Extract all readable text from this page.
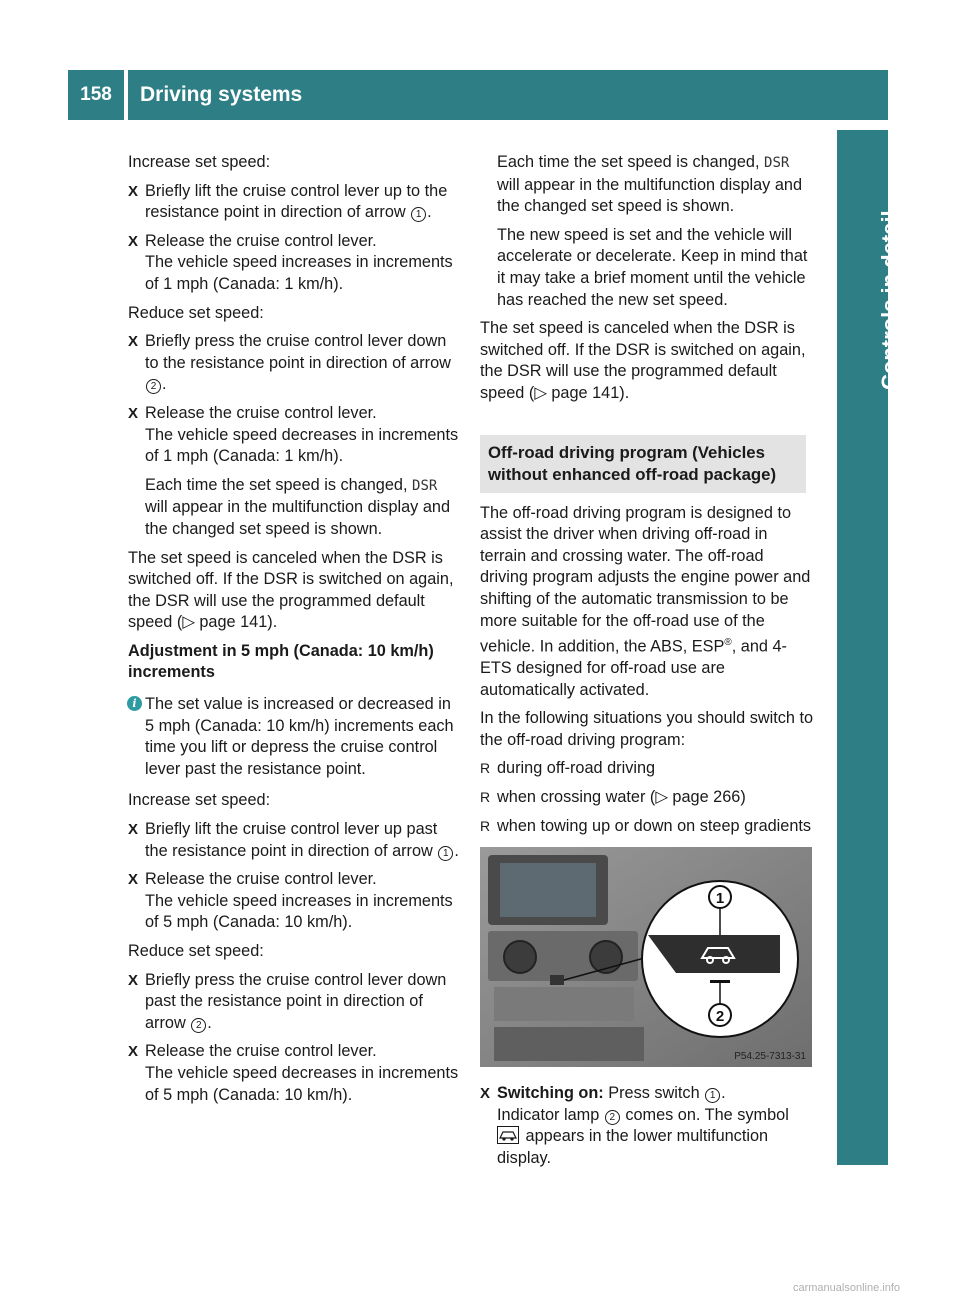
158	Driving systems
Controls in detail

Increase set speed:

X Briefly lift the cruise control lever up to the resistance point in direction of arrow 1 .
X Release the cruise control lever.
The vehicle speed increases in increments of 1 mph (Canada: 1 km/h).

Reduce set speed:

X Briefly press the cruise control lever down to the resistance point in direction of arrow 2 .
X Release the cruise control lever.
The vehicle speed decreases in increments of 1 mph (Canada: 1 km/h).
Each time the set speed is changed, DSR will appear in the multifunction display and the changed set speed is shown.

The set speed is canceled when the DSR is switched off. If the DSR is switched on again, the DSR will use the programmed default speed (▷ page 141).

Adjustment in 5 mph (Canada: 10 km/h) increments

i The set value is increased or decreased in 5 mph (Canada: 10 km/h) increments each time you lift or depress the cruise control lever past the resistance point.

Increase set speed:

X Briefly lift the cruise control lever up past the resistance point in direction of arrow 1 .
X Release the cruise control lever.
The vehicle speed increases in increments of 5 mph (Canada: 10 km/h).

Reduce set speed:

X Briefly press the cruise control lever down past the resistance point in direction of arrow 2 .
X Release the cruise control lever.
The vehicle speed decreases in increments of 5 mph (Canada: 10 km/h).
Each time the set speed is changed, DSR will appear in the multifunction display and the changed set speed is shown.
The new speed is set and the vehicle will accelerate or decelerate. Keep in mind that it may take a brief moment until the vehicle has reached the new set speed.

The set speed is canceled when the DSR is switched off. If the DSR is switched on again, the DSR will use the programmed default speed (▷ page 141).

Off-road driving program (Vehicles without enhanced off-road package)

The off-road driving program is designed to assist the driver when driving off-road in terrain and crossing water. The off-road driving program adjusts the engine power and shifting of the automatic transmission to be more suitable for the off-road use of the vehicle. In addition, the ABS, ESP®, and 4-ETS designed for off-road use are automatically activated.

In the following situations you should switch to the off-road driving program:

R during off-road driving
R when crossing water (▷ page 266)
R when towing up or down on steep gradients
1
2
P54.25-7313-31
X Switching on: Press switch 1 .
Indicator lamp 2 comes on. The symbol
appears in the lower multifunction display.
carmanualsonline.info
